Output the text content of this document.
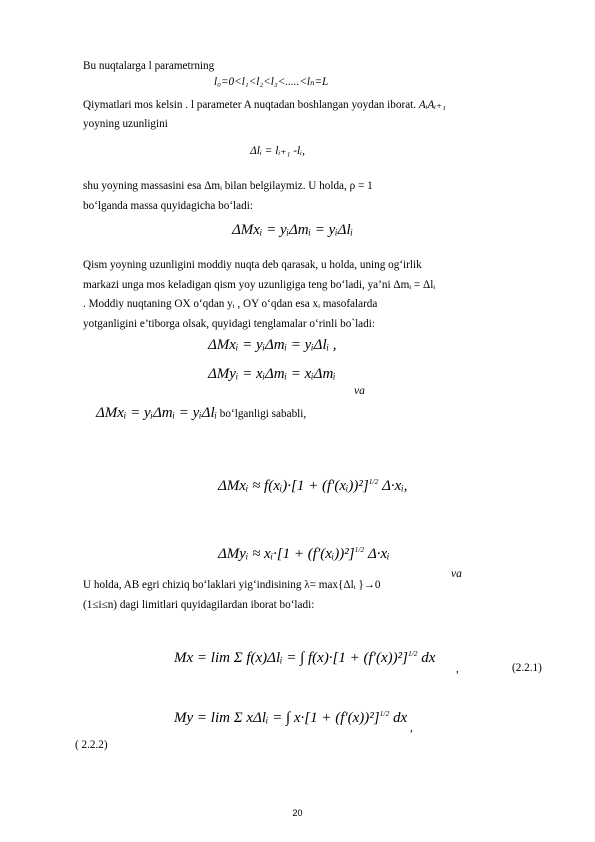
Bu nuqtalarga l parametrning
l₀=0<l₁<l₂<l₃<.....<lₙ=L
Qiymatlari mos kelsin . l parameter A nuqtadan boshlangan yoydan iborat. AᵢAᵢ₊₁
yoyning uzunligini
Δlᵢ = lᵢ₊₁ -lᵢ,
shu yoyning massasini esa Δmᵢ bilan belgilaymiz. U holda, ρ = 1
bo‘lganda massa quyidagicha bo‘ladi:
ΔMxᵢ = yᵢΔmᵢ = yᵢΔlᵢ
Qism yoyning uzunligini moddiy nuqta deb qarasak, u holda, uning og‘irlik
markazi unga mos keladigan qism yoy uzunligiga teng bo‘ladi, ya’ni Δmᵢ = Δlᵢ
. Moddiy nuqtaning OX o‘qdan yᵢ , OY o‘qdan esa xᵢ masofalarda
yotganligini e’tiborga olsak, quyidagi tenglamalar o‘rinli bo`ladi:
ΔMxᵢ = yᵢΔmᵢ = yᵢΔlᵢ ,
ΔMyᵢ = xᵢΔmᵢ = xᵢΔmᵢ
va
ΔMxᵢ = yᵢΔmᵢ = yᵢΔlᵢ bo‘lganligi sababli,
ΔMxᵢ ≈ f(xᵢ)·[1 + (f′(xᵢ))²]$^{1/2}$ Δ·xᵢ,
ΔMyᵢ ≈ xᵢ·[1 + (f′(xᵢ))²]$^{1/2}$ Δ·xᵢ
va
U holda, AB egri chiziq bo‘laklari yig‘indisining λ= max{Δlᵢ }→0
(1≤i≤n) dagi limitlari quyidagilardan iborat bo‘ladi:
Mx = lim Σ f(x)Δlᵢ = ∫ $f(x)\cdot[1 + (f'(x))^2]^{1/2}$ dx
,	(2.2.1)
My = lim Σ xΔlᵢ = ∫ $x\cdot[1 + (f'(x))^2]^{1/2}$ dx
,
( 2.2.2)
20
